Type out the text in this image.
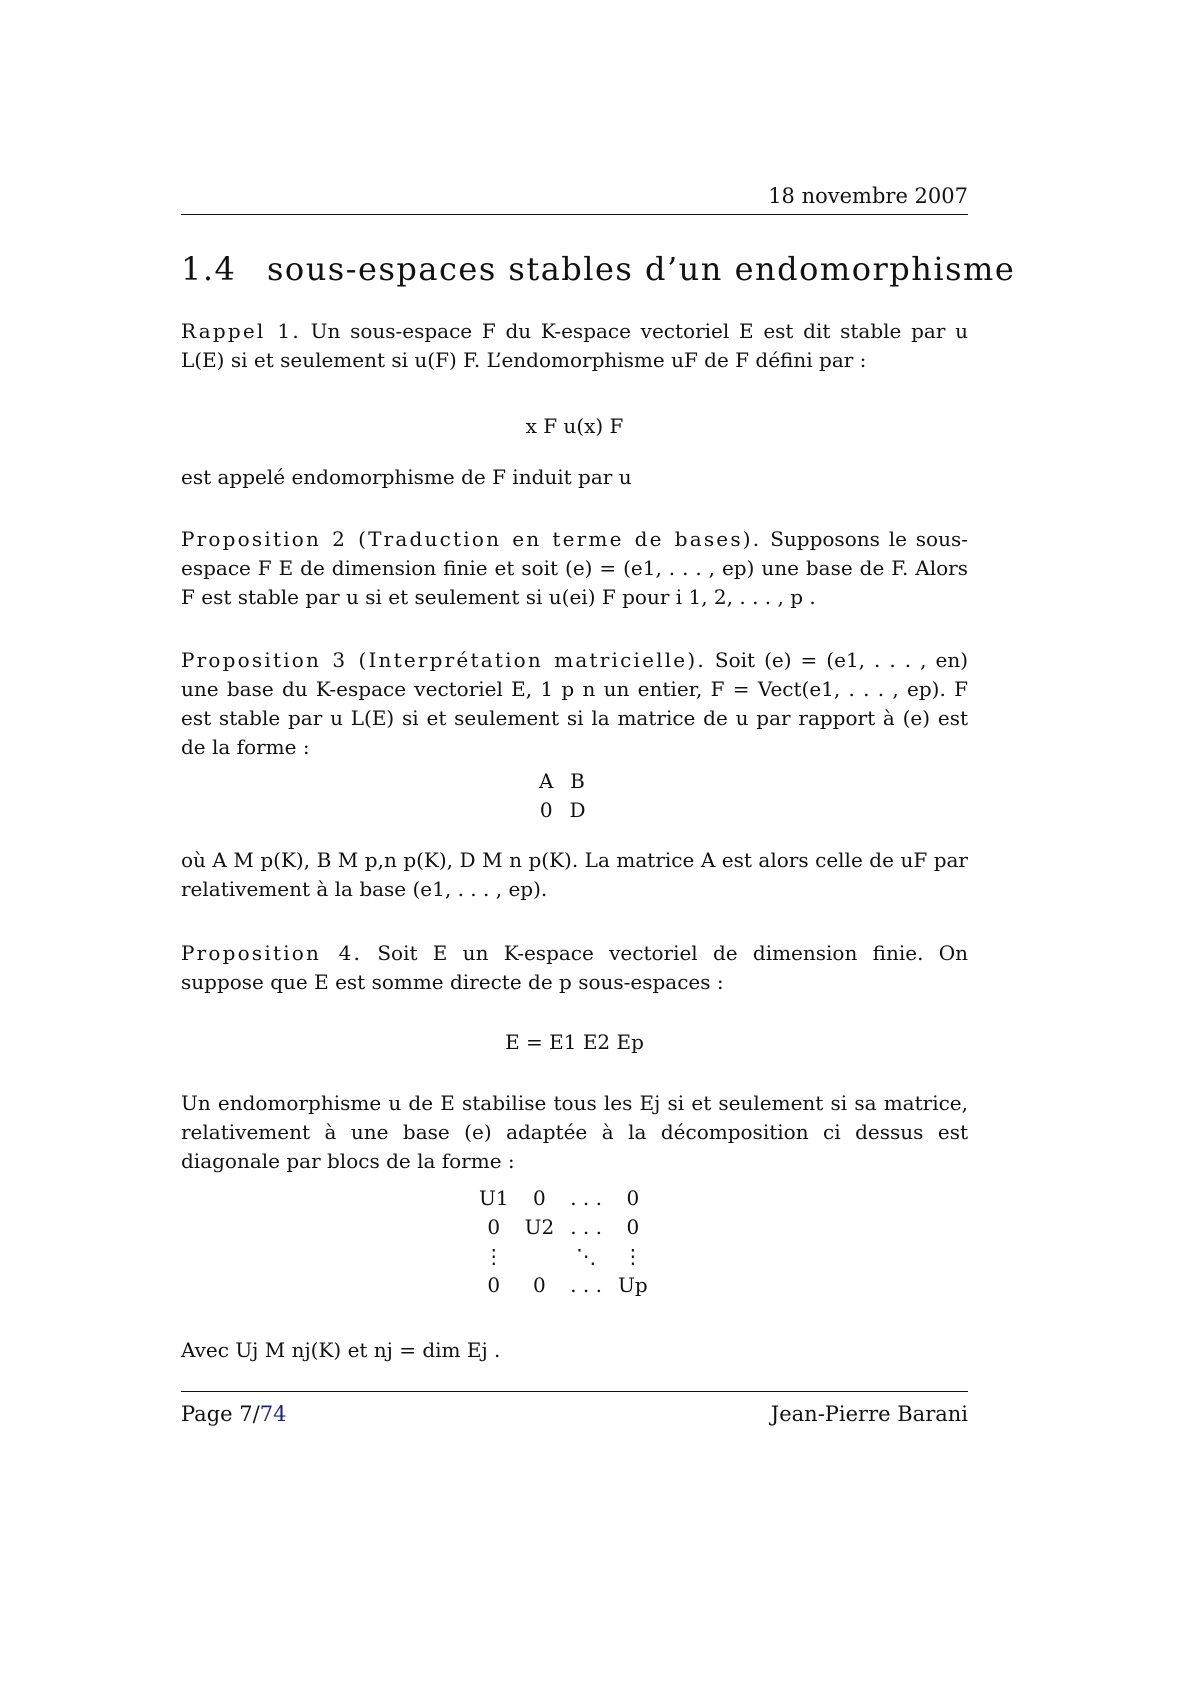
18 novembre 2007
1.4 sous-espaces stables d’un endomorphisme
Rappel 1. Un sous-espace F du K-espace vectoriel E est dit stable par u L(E) si et seulement si u(F) F. L’endomorphisme uF de F défini par :
x F u(x) F
est appelé endomorphisme de F induit par u
Proposition 2 (Traduction en terme de bases). Supposons le sous-espace F E de dimension finie et soit (e) = (e1, . . . , ep) une base de F. Alors F est stable par u si et seulement si u(ei) F pour i 1, 2, . . . , p .
Proposition 3 (Interprétation matricielle). Soit (e) = (e1, . . . , en) une base du K-espace vectoriel E, 1 p n un entier, F = Vect(e1, . . . , ep). F est stable par u L(E) si et seulement si la matrice de u par rapport à (e) est de la forme :
A	B
0	D
où A M p(K), B M p,n p(K), D M n p(K). La matrice A est alors celle de uF par relativement à la base (e1, . . . , ep).
Proposition 4. Soit E un K-espace vectoriel de dimension finie. On suppose que E est somme directe de p sous-espaces :
E = E1 E2 Ep
Un endomorphisme u de E stabilise tous les Ej si et seulement si sa matrice, relativement à une base (e) adaptée à la décomposition ci dessus est diagonale par blocs de la forme :
U1	0	. . .	0
0	U2	. . .	0
⋮		⋱	⋮
0	0	. . .	Up
Avec Uj M nj(K) et nj = dim Ej .
Page 7/74	Jean-Pierre Barani
